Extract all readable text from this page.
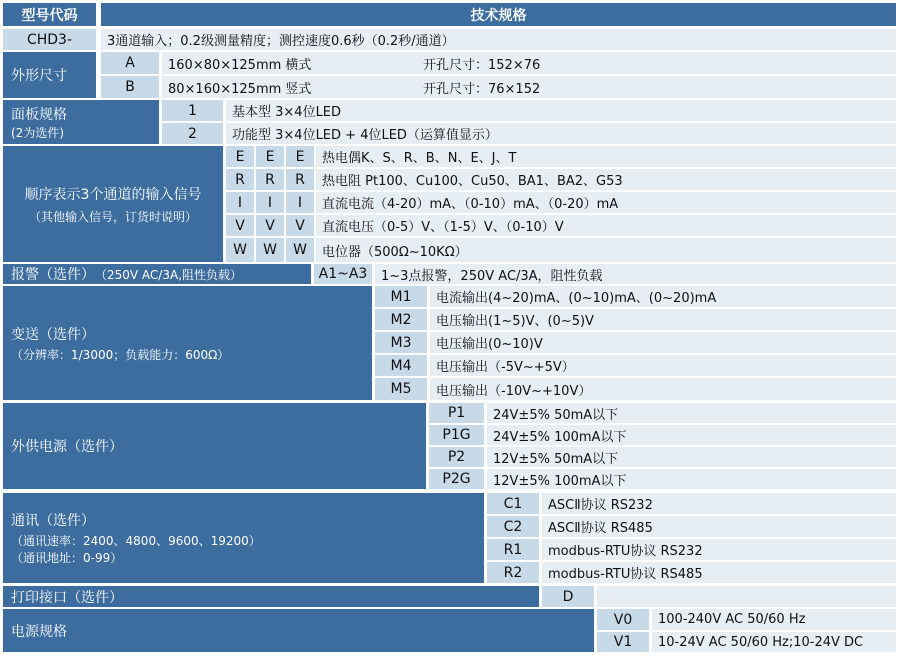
型号代码	技术规格
CHD3-	3通道输入；0.2级测量精度；测控速度0.6秒（0.2秒/通道）
外形尺寸
A	160×80×125mm 横式	开孔尺寸：152×76
B	80×160×125mm 竖式	开孔尺寸：76×152
面板规格
(2为选件)
1	基本型 3×4位LED
2	功能型 3×4位LED + 4位LED（运算值显示）
顺序表示3个通道的输入信号
（其他输入信号，订货时说明）
E	E	E	热电偶K、S、R、B、N、E、J、T
R	R	R	热电阻 Pt100、Cu100、Cu50、BA1、BA2、G53
I	I	I	直流电流（4-20）mA、（0-10）mA、（0-20）mA
V	V	V	直流电压（0-5）V、（1-5）V、（0-10）V
W	W	W	电位器（500Ω~10KΩ）
报警（选件） （250V AC/3A,阻性负载）	A1~A3	1~3点报警，250V AC/3A，阻性负载
变送（选件）
（分辨率：1/3000；负载能力：600Ω）
M1	电流输出(4~20)mA、(0~10)mA、(0~20)mA
M2	电压输出(1~5)V、(0~5)V
M3	电压输出(0~10)V
M4	电压输出（-5V~+5V）
M5	电压输出（-10V~+10V）
外供电源（选件）
P1	24V±5% 50mA以下
P1G	24V±5% 100mA以下
P2	12V±5% 50mA以下
P2G	12V±5% 100mA以下
通讯（选件）
（通讯速率：2400、4800、9600、19200）
（通讯地址：0-99）
C1	ASCⅡ协议 RS232
C2	ASCⅡ协议 RS485
R1	modbus-RTU协议 RS232
R2	modbus-RTU协议 RS485
打印接口（选件）	D
电源规格
V0	100-240V AC 50/60 Hz
V1	10-24V AC 50/60 Hz;10-24V DC
